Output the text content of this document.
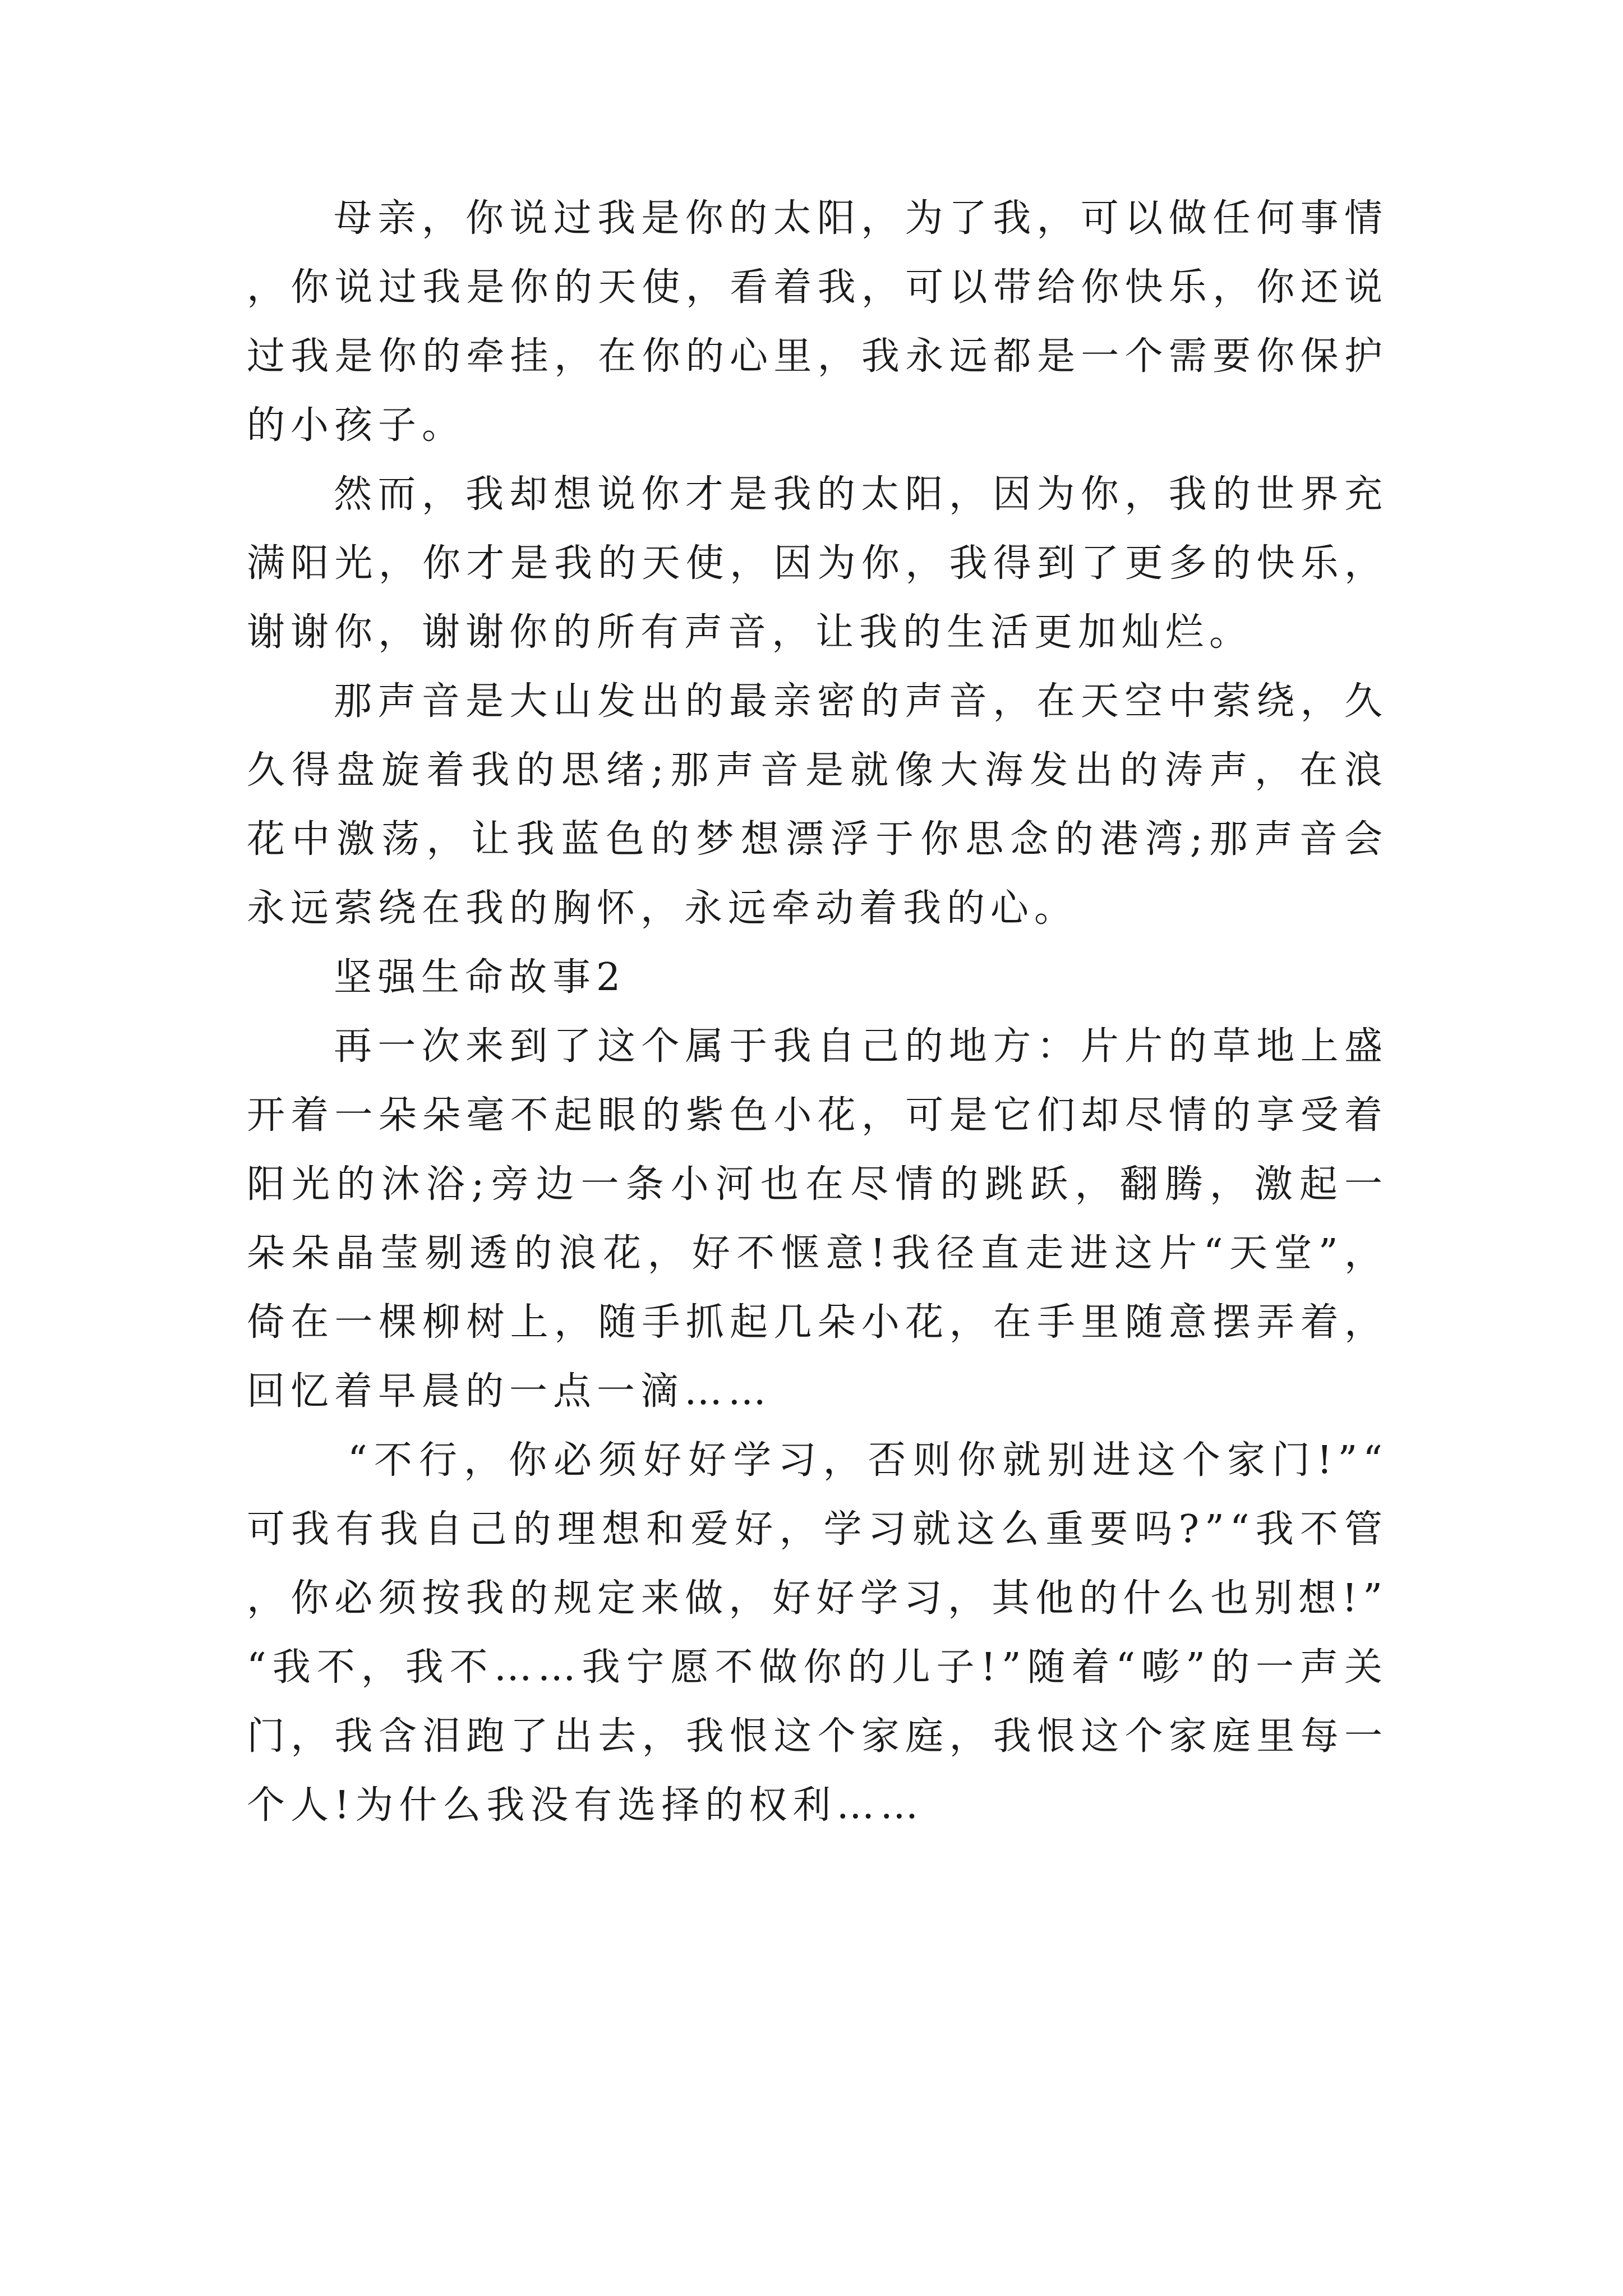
母亲，你说过我是你的太阳，为了我，可以做任何事情，你说过我是你的天使，看着我，可以带给你快乐，你还说过我是你的牵挂，在你的心里，我永远都是一个需要你保护的小孩子。

然而，我却想说你才是我的太阳，因为你，我的世界充满阳光，你才是我的天使，因为你，我得到了更多的快乐，谢谢你，谢谢你的所有声音，让我的生活更加灿烂。

那声音是大山发出的最亲密的声音，在天空中萦绕，久久得盘旋着我的思绪;那声音是就像大海发出的涛声，在浪花中激荡，让我蓝色的梦想漂浮于你思念的港湾;那声音会永远萦绕在我的胸怀，永远牵动着我的心。

坚强生命故事2

再一次来到了这个属于我自己的地方：片片的草地上盛开着一朵朵毫不起眼的紫色小花，可是它们却尽情的享受着阳光的沐浴;旁边一条小河也在尽情的跳跃，翻腾，激起一朵朵晶莹剔透的浪花，好不惬意!我径直走进这片“天堂”，倚在一棵柳树上，随手抓起几朵小花，在手里随意摆弄着，回忆着早晨的一点一滴……

“不行，你必须好好学习，否则你就别进这个家门!”“可我有我自己的理想和爱好，学习就这么重要吗?”“我不管，你必须按我的规定来做，好好学习，其他的什么也别想!”“我不，我不……我宁愿不做你的儿子!”随着“嘭”的一声关门，我含泪跑了出去，我恨这个家庭，我恨这个家庭里每一个人!为什么我没有选择的权利……
